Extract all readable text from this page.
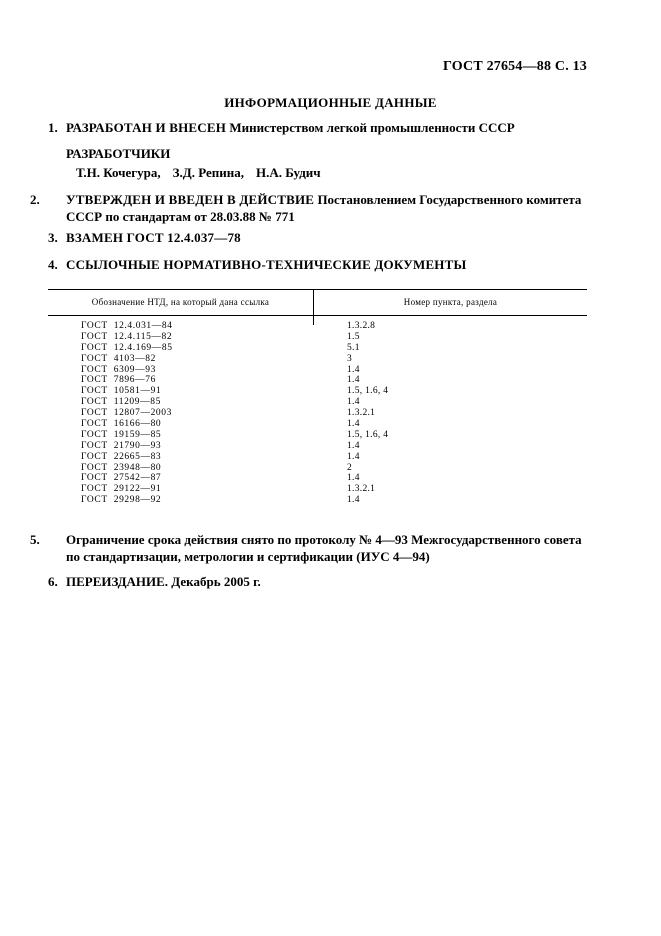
ГОСТ 27654—88 С. 13
ИНФОРМАЦИОННЫЕ ДАННЫЕ
1. РАЗРАБОТАН И ВНЕСЕН Министерством легкой промышленности СССР
РАЗРАБОТЧИКИ
Т.Н. Кочегура, З.Д. Репина, Н.А. Будич
2. УТВЕРЖДЕН И ВВЕДЕН В ДЕЙСТВИЕ Постановлением Государственного комитета СССР по стандартам от 28.03.88 № 771
3. ВЗАМЕН ГОСТ 12.4.037—78
4. ССЫЛОЧНЫЕ НОРМАТИВНО-ТЕХНИЧЕСКИЕ ДОКУМЕНТЫ
Обозначение НТД, на который дана ссылка	Номер пункта, раздела
ГОСТ  12.4.031—84	1.3.2.8
ГОСТ  12.4.115—82	1.5
ГОСТ  12.4.169—85	5.1
ГОСТ  4103—82	3
ГОСТ  6309—93	1.4
ГОСТ  7896—76	1.4
ГОСТ  10581—91	1.5, 1.6, 4
ГОСТ  11209—85	1.4
ГОСТ  12807—2003	1.3.2.1
ГОСТ  16166—80	1.4
ГОСТ  19159—85	1.5, 1.6, 4
ГОСТ  21790—93	1.4
ГОСТ  22665—83	1.4
ГОСТ  23948—80	2
ГОСТ  27542—87	1.4
ГОСТ  29122—91	1.3.2.1
ГОСТ  29298—92	1.4
5. Ограничение срока действия снято по протоколу № 4—93 Межгосударственного совета по стандартизации, метрологии и сертификации (ИУС 4—94)
6. ПЕРЕИЗДАНИЕ. Декабрь 2005 г.
